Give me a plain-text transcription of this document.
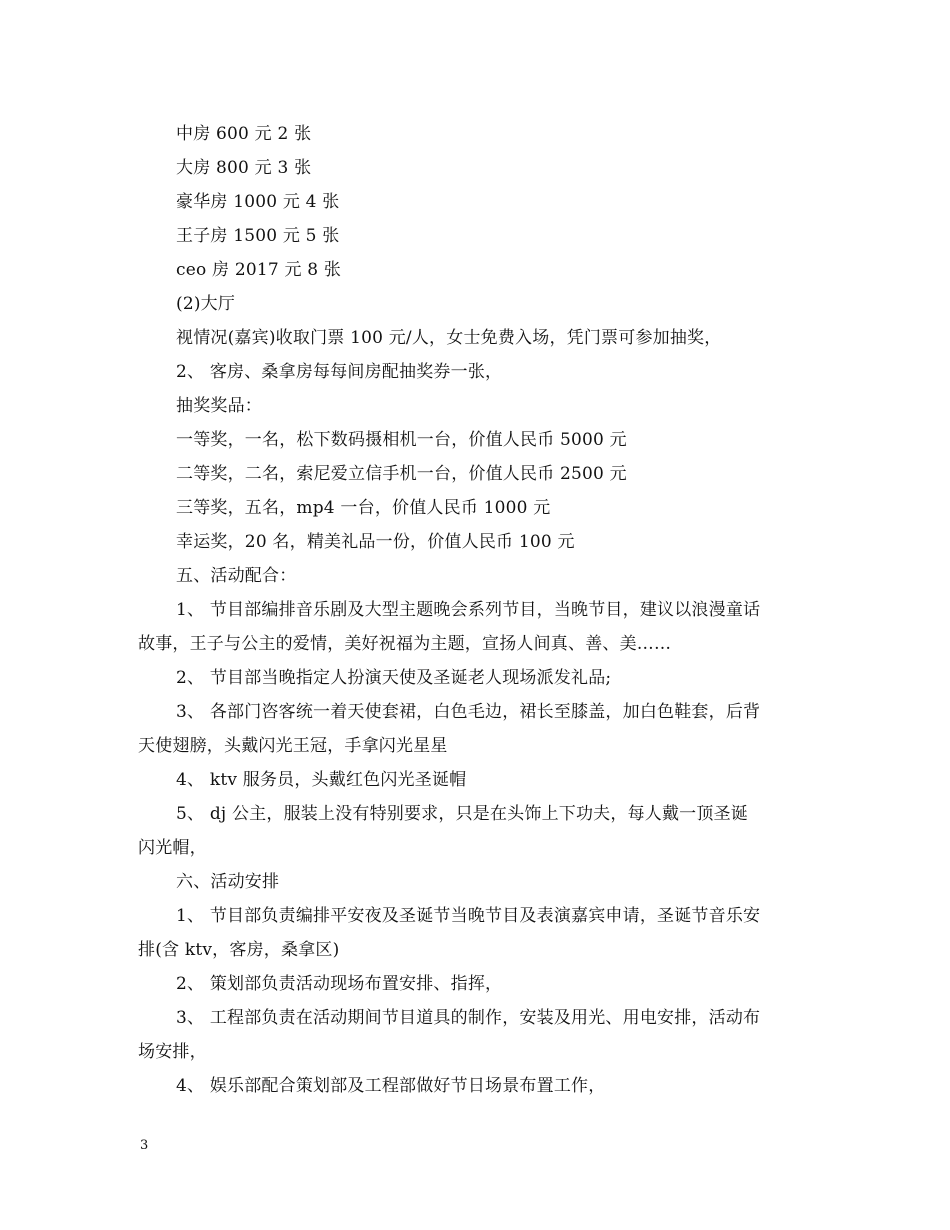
中房 600 元 2 张
大房 800 元 3 张
豪华房 1000 元 4 张
王子房 1500 元 5 张
ceo 房 2017 元 8 张
(2)大厅
视情况(嘉宾)收取门票 100 元/人，女士免费入场，凭门票可参加抽奖，
2、 客房、桑拿房每每间房配抽奖券一张，
抽奖奖品：
一等奖，一名，松下数码摄相机一台，价值人民币 5000 元
二等奖，二名，索尼爱立信手机一台，价值人民币 2500 元
三等奖，五名，mp4 一台，价值人民币 1000 元
幸运奖，20 名，精美礼品一份，价值人民币 100 元
五、活动配合：
1、 节目部编排音乐剧及大型主题晚会系列节目，当晚节目，建议以浪漫童话
故事，王子与公主的爱情，美好祝福为主题，宣扬人间真、善、美……
2、 节目部当晚指定人扮演天使及圣诞老人现场派发礼品;
3、 各部门咨客统一着天使套裙，白色毛边，裙长至膝盖，加白色鞋套，后背
天使翅膀，头戴闪光王冠，手拿闪光星星
4、 ktv 服务员，头戴红色闪光圣诞帽
5、 dj 公主，服装上没有特别要求，只是在头饰上下功夫，每人戴一顶圣诞
闪光帽，
六、活动安排
1、 节目部负责编排平安夜及圣诞节当晚节目及表演嘉宾申请，圣诞节音乐安
排(含 ktv，客房，桑拿区)
2、 策划部负责活动现场布置安排、指挥，
3、 工程部负责在活动期间节目道具的制作，安装及用光、用电安排，活动布
场安排，
4、 娱乐部配合策划部及工程部做好节日场景布置工作，
3
